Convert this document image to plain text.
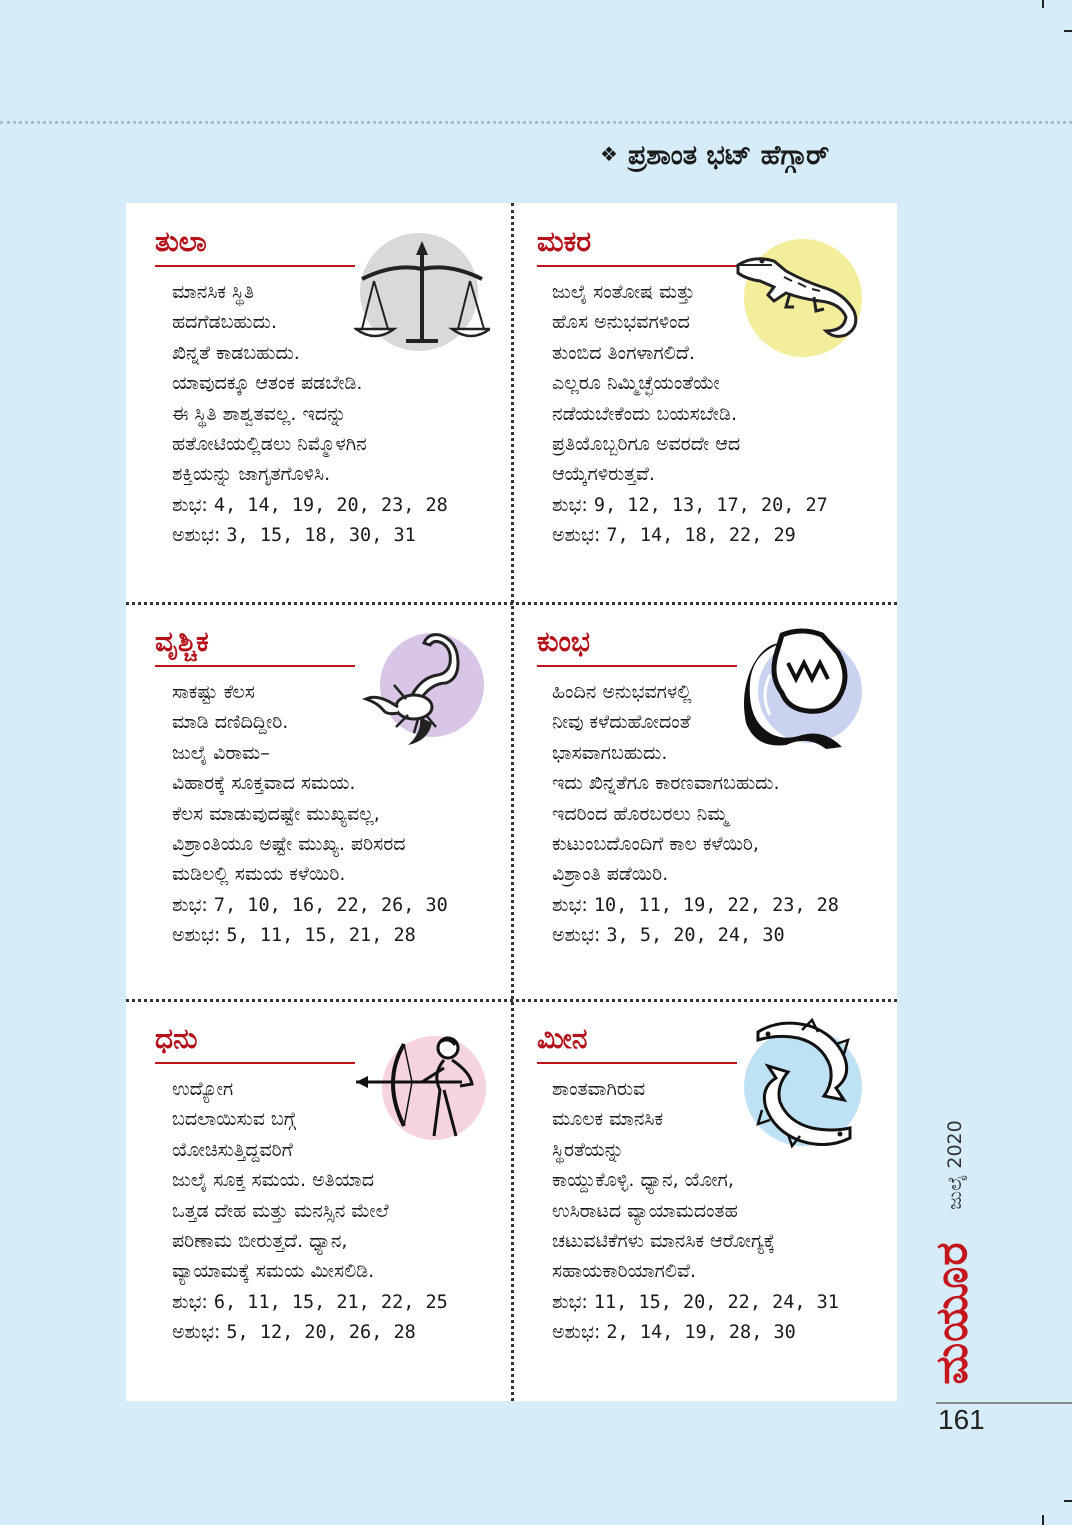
❖ ಪ್ರಶಾಂತ ಭಟ್ ಹೆಗ್ಗಾರ್
ತುಲಾ
ಮಾನಸಿಕ ಸ್ಥಿತಿ
ಹದಗೆಡಬಹುದು.
ಖಿನ್ನತೆ ಕಾಡಬಹುದು.
ಯಾವುದಕ್ಕೂ ಆತಂಕ ಪಡಬೇಡಿ.
ಈ ಸ್ಥಿತಿ ಶಾಶ್ವತವಲ್ಲ. ಇದನ್ನು
ಹತೋಟಿಯಲ್ಲಿಡಲು ನಿಮ್ಮೊಳಗಿನ
ಶಕ್ತಿಯನ್ನು ಜಾಗೃತಗೊಳಿಸಿ.
ಶುಭ: 4, 14, 19, 20, 23, 28
ಅಶುಭ: 3, 15, 18, 30, 31
ಮಕರ
ಜುಲೈ ಸಂತೋಷ ಮತ್ತು
ಹೊಸ ಅನುಭವಗಳಿಂದ
ತುಂಬಿದ ತಿಂಗಳಾಗಲಿದೆ.
ಎಲ್ಲರೂ ನಿಮ್ಮಿಚ್ಛೆಯಂತೆಯೇ
ನಡೆಯಬೇಕೆಂದು ಬಯಸಬೇಡಿ.
ಪ್ರತಿಯೊಬ್ಬರಿಗೂ ಅವರದೇ ಆದ
ಆಯ್ಕೆಗಳಿರುತ್ತವೆ.
ಶುಭ: 9, 12, 13, 17, 20, 27
ಅಶುಭ: 7, 14, 18, 22, 29
ವೃಶ್ಚಿಕ
ಸಾಕಷ್ಟು ಕೆಲಸ
ಮಾಡಿ ದಣಿದಿದ್ದೀರಿ.
ಜುಲೈ ವಿರಾಮ–
ವಿಹಾರಕ್ಕೆ ಸೂಕ್ತವಾದ ಸಮಯ.
ಕೆಲಸ ಮಾಡುವುದಷ್ಟೇ ಮುಖ್ಯವಲ್ಲ,
ವಿಶ್ರಾಂತಿಯೂ ಅಷ್ಟೇ ಮುಖ್ಯ. ಪರಿಸರದ
ಮಡಿಲಲ್ಲಿ ಸಮಯ ಕಳೆಯಿರಿ.
ಶುಭ: 7, 10, 16, 22, 26, 30
ಅಶುಭ: 5, 11, 15, 21, 28
ಕುಂಭ
ಹಿಂದಿನ ಅನುಭವಗಳಲ್ಲಿ
ನೀವು ಕಳೆದುಹೋದಂತೆ
ಭಾಸವಾಗಬಹುದು.
ಇದು ಖಿನ್ನತೆಗೂ ಕಾರಣವಾಗಬಹುದು.
ಇದರಿಂದ ಹೊರಬರಲು ನಿಮ್ಮ
ಕುಟುಂಬದೊಂದಿಗೆ ಕಾಲ ಕಳೆಯಿರಿ,
ವಿಶ್ರಾಂತಿ ಪಡೆಯಿರಿ.
ಶುಭ: 10, 11, 19, 22, 23, 28
ಅಶುಭ: 3, 5, 20, 24, 30
ಧನು
ಉದ್ಯೋಗ
ಬದಲಾಯಿಸುವ ಬಗ್ಗೆ
ಯೋಚಿಸುತ್ತಿದ್ದವರಿಗೆ
ಜುಲೈ ಸೂಕ್ತ ಸಮಯ. ಅತಿಯಾದ
ಒತ್ತಡ ದೇಹ ಮತ್ತು ಮನಸ್ಸಿನ ಮೇಲೆ
ಪರಿಣಾಮ ಬೀರುತ್ತದೆ. ಧ್ಯಾನ,
ವ್ಯಾಯಾಮಕ್ಕೆ ಸಮಯ ಮೀಸಲಿಡಿ.
ಶುಭ: 6, 11, 15, 21, 22, 25
ಅಶುಭ: 5, 12, 20, 26, 28
ಮೀನ
ಶಾಂತವಾಗಿರುವ
ಮೂಲಕ ಮಾನಸಿಕ
ಸ್ಥಿರತೆಯನ್ನು
ಕಾಯ್ದುಕೊಳ್ಳಿ. ಧ್ಯಾನ, ಯೋಗ,
ಉಸಿರಾಟದ ವ್ಯಾಯಾಮದಂತಹ
ಚಟುವಟಿಕೆಗಳು ಮಾನಸಿಕ ಆರೋಗ್ಯಕ್ಕೆ
ಸಹಾಯಕಾರಿಯಾಗಲಿವೆ.
ಶುಭ: 11, 15, 20, 22, 24, 31
ಅಶುಭ: 2, 14, 19, 28, 30
ಜುಲೈ 2020
ಮಯೂರ
161
